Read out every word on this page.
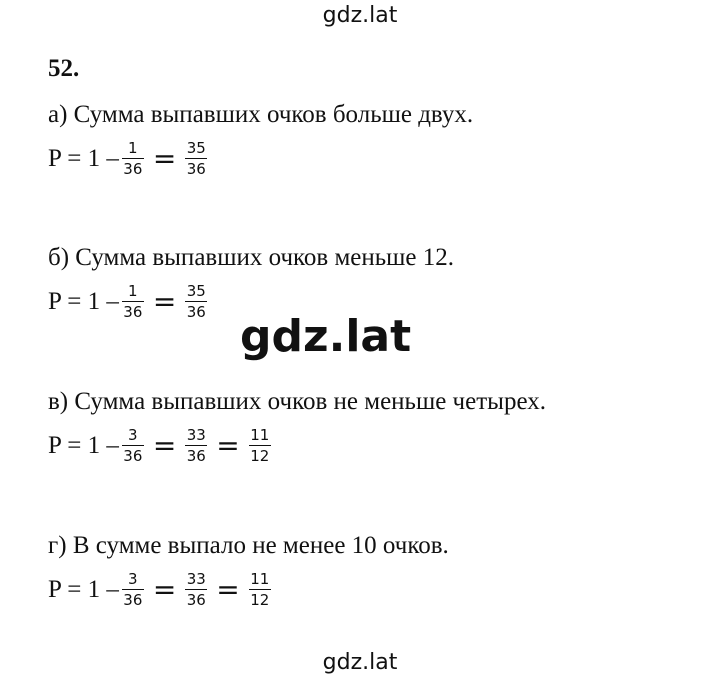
gdz.lat
52.
а) Сумма выпавших очков больше двух.
$P = 1 - \frac{1}{36} = \frac{35}{36}$
б) Сумма выпавших очков меньше 12.
$P = 1 - \frac{1}{36} = \frac{35}{36}$
gdz.lat
в) Сумма выпавших очков не меньше четырех.
$P = 1 - \frac{3}{36} = \frac{33}{36} = \frac{11}{12}$
г) В сумме выпало не менее 10 очков.
$P = 1 - \frac{3}{36} = \frac{33}{36} = \frac{11}{12}$
gdz.lat
